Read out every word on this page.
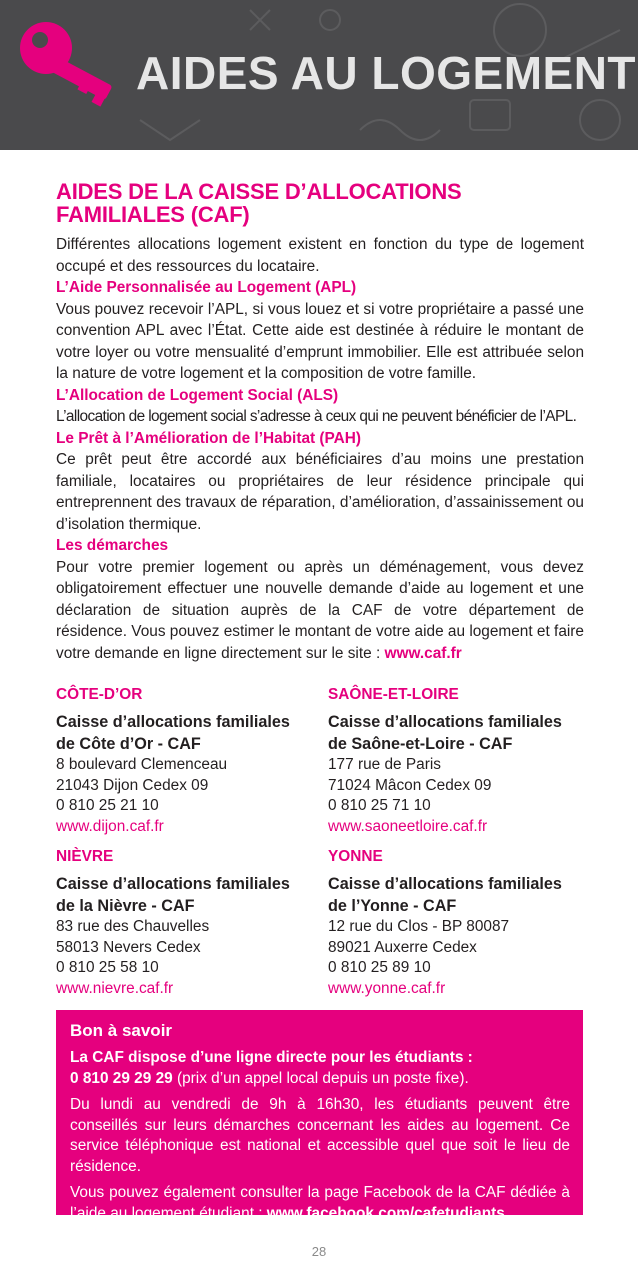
AIDES AU LOGEMENT
AIDES DE LA CAISSE D’ALLOCATIONS
FAMILIALES (CAF)

Différentes allocations logement existent en fonction du type de logement occupé et des ressources du locataire.

L’Aide Personnalisée au Logement (APL)

Vous pouvez recevoir l’APL, si vous louez et si votre propriétaire a passé une convention APL avec l’État. Cette aide est destinée à réduire le montant de votre loyer ou votre mensualité d’emprunt immobilier. Elle est attribuée selon la nature de votre logement et la composition de votre famille.

L’Allocation de Logement Social (ALS)

L’allocation de logement social s’adresse à ceux qui ne peuvent bénéficier de l’APL.

Le Prêt à l’Amélioration de l’Habitat (PAH)

Ce prêt peut être accordé aux bénéficiaires d’au moins une prestation familiale, locataires ou propriétaires de leur résidence principale qui entreprennent des travaux de réparation, d’amélioration, d’assainissement ou d’isolation thermique.

Les démarches

Pour votre premier logement ou après un déménagement, vous devez obligatoirement effectuer une nouvelle demande d’aide au logement et une déclaration de situation auprès de la CAF de votre département de résidence. Vous pouvez estimer le montant de votre aide au logement et faire votre demande en ligne directement sur le site : www.caf.fr

CÔTE-D’OR
Caisse d’allocations familiales
de Côte d’Or - CAF
8 boulevard Clemenceau
21043 Dijon Cedex 09
0 810 25 21 10
www.dijon.caf.fr
SAÔNE-ET-LOIRE
Caisse d’allocations familiales
de Saône-et-Loire - CAF
177 rue de Paris
71024 Mâcon Cedex 09
0 810 25 71 10
www.saoneetloire.caf.fr
NIÈVRE
Caisse d’allocations familiales
de la Nièvre - CAF
83 rue des Chauvelles
58013 Nevers Cedex
0 810 25 58 10
www.nievre.caf.fr
YONNE
Caisse d’allocations familiales
de l’Yonne - CAF
12 rue du Clos - BP 80087
89021 Auxerre Cedex
0 810 25 89 10
www.yonne.caf.fr
Bon à savoir

La CAF dispose d’une ligne directe pour les étudiants :

0 810 29 29 29 (prix d’un appel local depuis un poste fixe).

Du lundi au vendredi de 9h à 16h30, les étudiants peuvent être conseillés sur leurs démarches concernant les aides au logement. Ce service téléphonique est national et accessible quel que soit le lieu de résidence.

Vous pouvez également consulter la page Facebook de la CAF dédiée à l’aide au logement étudiant : www.facebook.com/cafetudiants

28
